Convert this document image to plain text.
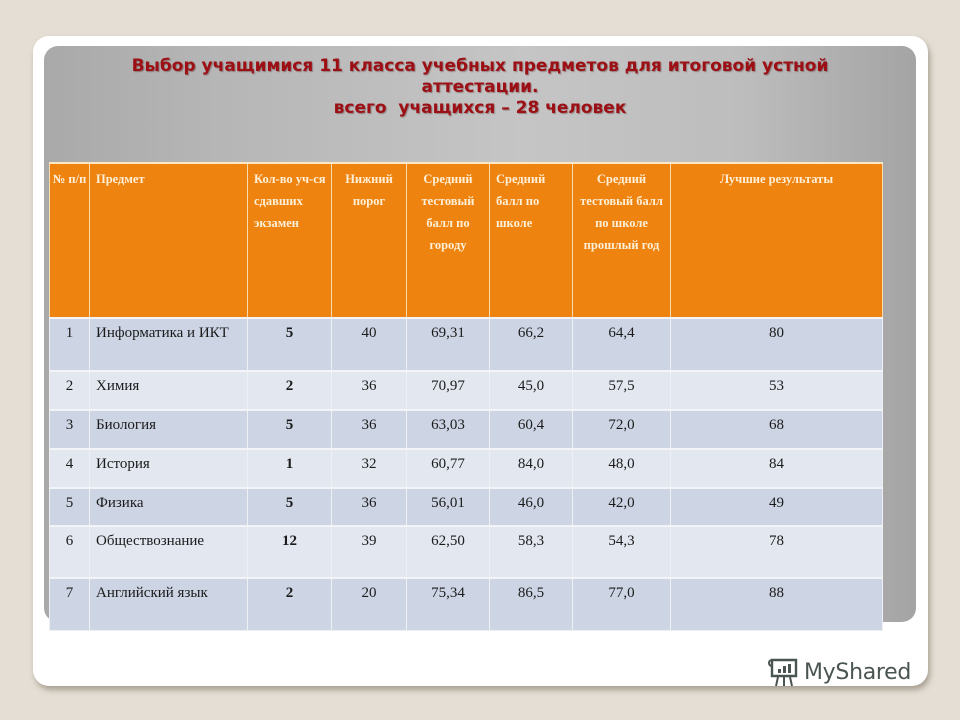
Выбор учащимися 11 класса учебных предметов для итоговой устной
аттестации.
всего  учащихся – 28 человек
№ п/п	Предмет	Кол-во уч-ся сдавших экзамен	Нижний порог	Средний тестовый балл по городу	Средний балл по школе	Средний тестовый балл по школе прошлый год	Лучшие результаты
1	Информатика и ИКТ	5	40	69,31	66,2	64,4	80
2	Химия	2	36	70,97	45,0	57,5	53
3	Биология	5	36	63,03	60,4	72,0	68
4	История	1	32	60,77	84,0	48,0	84
5	Физика	5	36	56,01	46,0	42,0	49
6	Обществознание	12	39	62,50	58,3	54,3	78
7	Английский язык	2	20	75,34	86,5	77,0	88
MyShared
